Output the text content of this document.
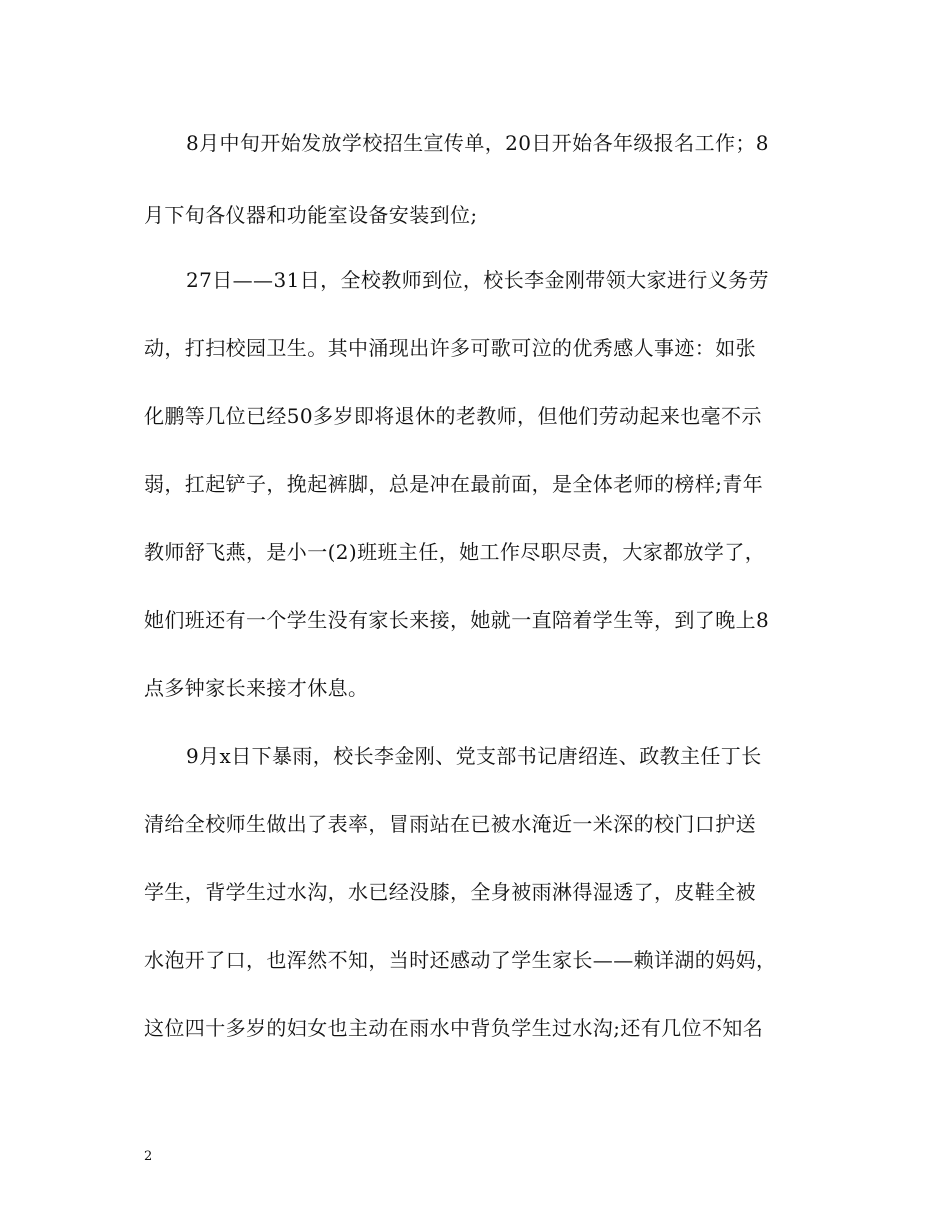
8月中旬开始发放学校招生宣传单，20日开始各年级报名工作；8
月下旬各仪器和功能室设备安装到位;
27日——31日，全校教师到位，校长李金刚带领大家进行义务劳
动，打扫校园卫生。其中涌现出许多可歌可泣的优秀感人事迹：如张
化鹏等几位已经50多岁即将退休的老教师，但他们劳动起来也毫不示
弱，扛起铲子，挽起裤脚，总是冲在最前面，是全体老师的榜样;青年
教师舒飞燕，是小一(2)班班主任，她工作尽职尽责，大家都放学了，
她们班还有一个学生没有家长来接，她就一直陪着学生等，到了晚上8
点多钟家长来接才休息。
9月x日下暴雨，校长李金刚、党支部书记唐绍连、政教主任丁长
清给全校师生做出了表率，冒雨站在已被水淹近一米深的校门口护送
学生，背学生过水沟，水已经没膝，全身被雨淋得湿透了，皮鞋全被
水泡开了口，也浑然不知，当时还感动了学生家长——赖详湖的妈妈，
这位四十多岁的妇女也主动在雨水中背负学生过水沟;还有几位不知名
2
